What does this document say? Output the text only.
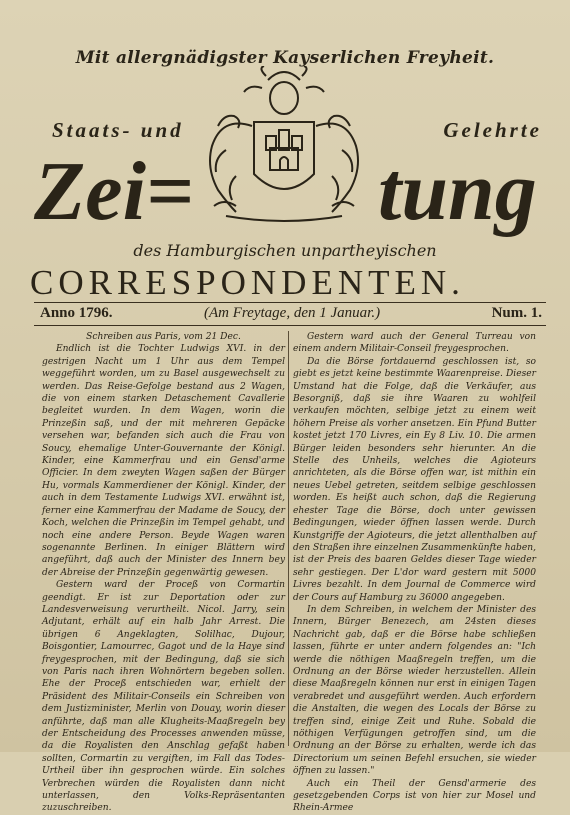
Mit allergnädigster Kayserlichen Freyheit.
Staats- und	Gelehrte
Zei= tung
des Hamburgischen unpartheyischen
CORRESPONDENTEN.
Anno 1796.	(Am Freytage, den 1 Januar.)	Num. 1.

Schreiben aus Paris, vom 21 Dec.

Endlich ist die Tochter Ludwigs XVI. in der gestrigen Nacht um 1 Uhr aus dem Tempel weggeführt worden, um zu Basel ausgewechselt zu werden. Das Reise-Gefolge bestand aus 2 Wagen, die von einem starken Detaschement Cavallerie begleitet wurden. In dem Wagen, worin die Prinzeßin saß, und der mit mehreren Gepäcke versehen war, befanden sich auch die Frau von Soucy, ehemalige Unter-Gouvernante der Königl. Kinder, eine Kammerfrau und ein Gensd'arme Officier. In dem zweyten Wagen saßen der Bürger Hu, vormals Kammerdiener der Königl. Kinder, der auch in dem Testamente Ludwigs XVI. erwähnt ist, ferner eine Kammerfrau der Madame de Soucy, der Koch, welchen die Prinzeßin im Tempel gehabt, und noch eine andere Person. Beyde Wagen waren sogenannte Berlinen. In einiger Blättern wird angeführt, daß auch der Minister des Innern bey der Abreise der Prinzeßin gegenwärtig gewesen.

Gestern ward der Proceß von Cormartin geendigt. Er ist zur Deportation oder zur Landesverweisung verurtheilt. Nicol. Jarry, sein Adjutant, erhält auf ein halb Jahr Arrest. Die übrigen 6 Angeklagten, Solilhac, Dujour, Boisgontier, Lamourrec, Gagot und de la Haye sind freygesprochen, mit der Bedingung, daß sie sich von Paris nach ihren Wohnörtern begeben sollen. Ehe der Proceß entschieden war, erhielt der Präsident des Militair-Conseils ein Schreiben von dem Justizminister, Merlin von Douay, worin dieser anführte, daß man alle Klugheits-Maaßregeln bey der Entscheidung des Processes anwenden müsse, da die Royalisten den Anschlag gefaßt haben sollten, Cormartin zu vergiften, im Fall das Todes-Urtheil über ihn gesprochen würde. Ein solches Verbrechen würden die Royalisten dann nicht unterlassen, den Volks-Repräsentanten zuzuschreiben.

Gestern ward auch der General Turreau von einem andern Militair-Conseil freygesprochen.

Da die Börse fortdauernd geschlossen ist, so giebt es jetzt keine bestimmte Waarenpreise. Dieser Umstand hat die Folge, daß die Verkäufer, aus Besorgniß, daß sie ihre Waaren zu wohlfeil verkaufen möchten, selbige jetzt zu einem weit höhern Preise als vorher ansetzen. Ein Pfund Butter kostet jetzt 170 Livres, ein Ey 8 Liv. 10. Die armen Bürger leiden besonders sehr hierunter. An die Stelle des Unheils, welches die Agioteurs anrichteten, als die Börse offen war, ist mithin ein neues Uebel getreten, seitdem selbige geschlossen worden. Es heißt auch schon, daß die Regierung ehester Tage die Börse, doch unter gewissen Bedingungen, wieder öffnen lassen werde. Durch Kunstgriffe der Agioteurs, die jetzt allenthalben auf den Straßen ihre einzelnen Zusammenkünfte haben, ist der Preis des baaren Geldes dieser Tage wieder sehr gestiegen. Der L'dor ward gestern mit 5000 Livres bezahlt. In dem Journal de Commerce wird der Cours auf Hamburg zu 36000 angegeben.

In dem Schreiben, in welchem der Minister des Innern, Bürger Benezech, am 24sten dieses Nachricht gab, daß er die Börse habe schließen lassen, führte er unter andern folgendes an: "Ich werde die nöthigen Maaßregeln treffen, um die Ordnung an der Börse wieder herzustellen. Allein diese Maaßregeln können nur erst in einigen Tagen verabredet und ausgeführt werden. Auch erfordern die Anstalten, die wegen des Locals der Börse zu treffen sind, einige Zeit und Ruhe. Sobald die nöthigen Verfügungen getroffen sind, um die Ordnung an der Börse zu erhalten, werde ich das Directorium um seinen Befehl ersuchen, sie wieder öffnen zu lassen."

Auch ein Theil der Gensd'armerie des gesetzgebenden Corps ist von hier zur Mosel und Rhein-Armee
